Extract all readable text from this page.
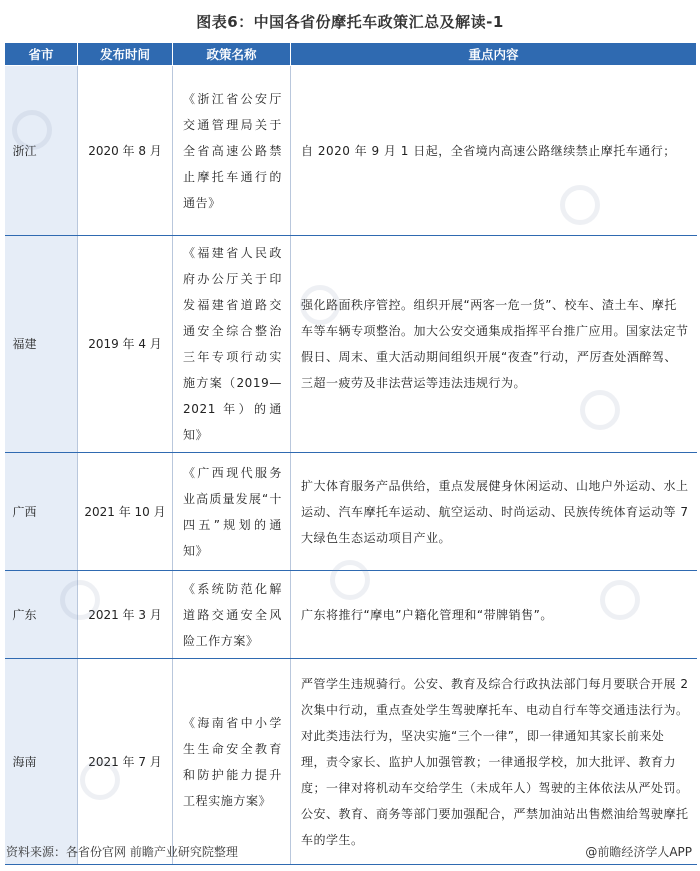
图表6：中国各省份摩托车政策汇总及解读-1
省市	发布时间	政策名称	重点内容
浙江	2020 年 8 月	《浙江省公安厅交通管理局关于全省高速公路禁止摩托车通行的通告》	自 2020 年 9 月 1 日起，全省境内高速公路继续禁止摩托车通行；
福建	2019 年 4 月	《福建省人民政府办公厅关于印发福建省道路交通安全综合整治三年专项行动实施方案（2019—2021 年）的通知》	强化路面秩序管控。组织开展“两客一危一货”、校车、渣土车、摩托车等车辆专项整治。加大公安交通集成指挥平台推广应用。国家法定节假日、周末、重大活动期间组织开展“夜查”行动，严厉查处酒醉驾、三超一疲劳及非法营运等违法违规行为。
广西	2021 年 10 月	《广西现代服务业高质量发展“十四五”规划的通知》	扩大体育服务产品供给，重点发展健身休闲运动、山地户外运动、水上运动、汽车摩托车运动、航空运动、时尚运动、民族传统体育运动等 7 大绿色生态运动项目产业。
广东	2021 年 3 月	《系统防范化解道路交通安全风险工作方案》	广东将推行“摩电”户籍化管理和“带牌销售”。
海南	2021 年 7 月	《海南省中小学生生命安全教育和防护能力提升工程实施方案》	严管学生违规骑行。公安、教育及综合行政执法部门每月要联合开展 2 次集中行动，重点查处学生驾驶摩托车、电动自行车等交通违法行为。对此类违法行为，坚决实施“三个一律”，即一律通知其家长前来处理，责令家长、监护人加强管教；一律通报学校，加大批评、教育力度；一律对将机动车交给学生（未成年人）驾驶的主体依法从严处罚。公安、教育、商务等部门要加强配合，严禁加油站出售燃油给驾驶摩托车的学生。
资料来源：各省份官网 前瞻产业研究院整理	@前瞻经济学人APP
